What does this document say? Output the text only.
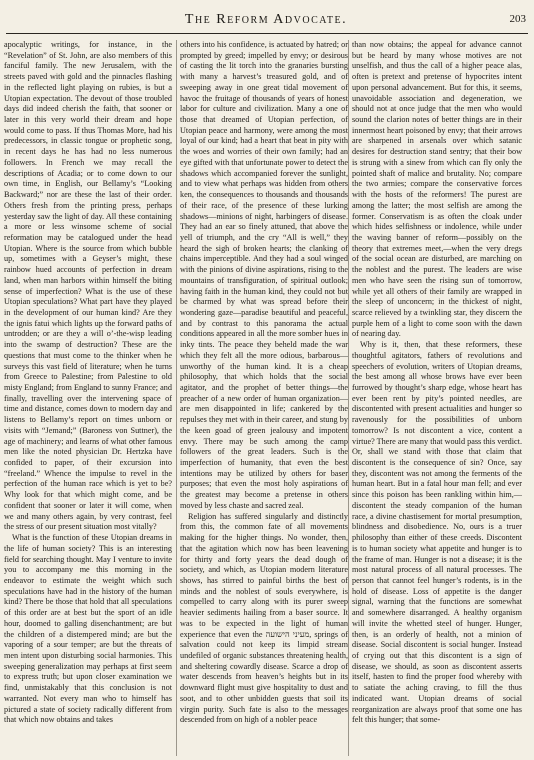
The Reform Advocate.	203

apocalyptic writings, for instance, in the “Revelation” of St. John, are also members of this fanciful family. The new Jerusalem, with the streets paved with gold and the pinnacles flashing in the reflected light playing on rubies, is but a Utopian expectation. The devout of those troubled days did indeed cherish the faith, that sooner or later in this very world their dream and hope would come to pass. If thus Thomas More, had his predecessors, in classic tongue or prophetic song, in recent days he has had no less numerous followers. In French we may recall the descriptions of Acadia; or to come down to our own time, in English, our Bellamy’s “Looking Backward;” nor are these the last of their order. Others fresh from the printing press, perhaps yesterday saw the light of day. All these containing a more or less winsome scheme of social reformation may be catalogued under the head Utopian. Where is the source from which bubble up, sometimes with a Geyser’s might, these rainbow hued accounts of perfection in dream land, when man harbors within himself the biting sense of imperfection? What is the use of these Utopian speculations? What part have they played in the development of our human kind? Are they the ignis fatui which lights up the forward paths of untrodden; or are they a will o’-the-wisp leading into the swamp of destruction? These are the questions that must come to the thinker when he surveys this vast field of literature; when he turns from Greece to Palestine; from Palestine to old misty England; from England to sunny France; and finally, travelling over the intervening space of time and distance, comes down to modern day and listens to Bellamy’s report on times unborn or visits with “Jemand;” (Baroness von Suttner), the age of machinery; and learns of what other famous men like the noted physician Dr. Hertzka have confided to paper, of their excursion into “freeland.” Whence the impulse to revel in the perfection of the human race which is yet to be? Why look for that which might come, and be confident that sooner or later it will come, when we and many others again, by very contrast, feel the stress of our present situation most vitally?

What is the function of these Utopian dreams in the life of human society? This is an interesting field for searching thought. May I venture to invite you to accompany me this morning in the endeavor to estimate the weight which such speculations have had in the history of the human kind? There be those that hold that all speculations of this order are at best but the sport of an idle hour, doomed to galling disenchantment; are but the children of a distempered mind; are but the vaporing of a sour temper; are but the threats of men intent upon disturbing social harmonies. This sweeping generalization may perhaps at first seem to express truth; but upon closer examination we find, unmistakably that this conclusion is not warranted. Not every man who to himself has pictured a state of society radically different from that which now obtains and takes

others into his confidence, is actuated by hatred; or prompted by greed; impelled by envy; or desirous of casting the lit torch into the granaries bursting with many a harvest’s treasured gold, and of sweeping away in one great tidal movement of havoc the fruitage of thousands of years of honest labor for culture and civilization. Many a one of those that dreamed of Utopian perfection, of Utopian peace and harmony, were among the most loyal of our kind; had a heart that beat in pity with the woes and worries of their own family; had an eye gifted with that unfortunate power to detect the shadows which accompanied forever the sunlight, and to view what perhaps was hidden from others ken, the consequences to thousands and thousands of their race, of the presence of these lurking shadows—minions of night, harbingers of disease. They had an ear so finely attuned, that above the yell of triumph, and the cry “All is well,” they heard the sigh of broken hearts; the clanking of chains imperceptible. And they had a soul winged with the pinions of divine aspirations, rising to the mountains of transfiguration, of spiritual outlook; having faith in the human kind, they could not but be charmed by what was spread before their wondering gaze—paradise beautiful and peaceful, and by contrast to this panorama the actual conditions appeared in all the more somber hues in inky tints. The peace they beheld made the war which they felt all the more odious, barbarous—unworthy of the human kind. It is a cheap philosophy, that which holds that the social agitator, and the prophet of better things—the preacher of a new order of human organization—are men disappointed in life; cankered by the repulses they met with in their career, and stung by the keen goad of green jealousy and impotent envy. There may be such among the camp followers of the great leaders. Such is the imperfection of humanity, that even the best intentions may be utilized by others for baser purposes; that even the most holy aspirations of the greatest may become a pretense in others moved by less chaste and sacred zeal.

Religion has suffered singularly and distinctly from this, the common fate of all movements making for the higher things. No wonder, then, that the agitation which now has been leavening for thirty and forty years the dead dough of society, and which, as Utopian modern literature shows, has stirred to painful births the best of minds and the noblest of souls everywhere, is compelled to carry along with its purer sweep heavier sediments hailing from a baser source. It was to be expected in the light of human experience that even the מעיני הישועה, springs of salvation could not keep its limpid stream undefiled of organic substances threatening health, and sheltering cowardly disease. Scarce a drop of water descends from heaven’s heights but in its downward flight must give hospitality to dust and soot, and to other unbidden guests that soil its virgin purity. Such fate is also to the messages descended from on high of a nobler peace

than now obtains; the appeal for advance cannot but be heard by many whose motives are not unselfish, and thus the call of a higher peace alas, often is pretext and pretense of hypocrites intent upon personal advancement. But for this, it seems, unavoidable association and degeneration, we should not at once judge that the men who would sound the clarion notes of better things are in their innermost heart poisoned by envy; that their arrows are sharpened in arsenals over which satanic desires for destruction stand sentry; that their bow is strung with a sinew from which can fly only the pointed shaft of malice and brutality. No; compare the two armies; compare the conservative forces with the hosts of the reformers! The purest are among the latter; the most selfish are among the former. Conservatism is as often the cloak under which hides selfishness or indolence, while under the waving banner of reform—possibly on the theory that extremes meet,—when the very dregs of the social ocean are disturbed, are marching on the noblest and the purest. The leaders are wise men who have seen the rising sun of tomorrow, while yet all others of their family are wrapped in the sleep of unconcern; in the thickest of night, scarce relieved by a twinkling star, they discern the purple hem of a light to come soon with the dawn of nearing day.

Why is it, then, that these reformers, these thoughtful agitators, fathers of revolutions and speechers of evolution, writers of Utopian dreams, the best among all whose brows have ever been furrowed by thought’s sharp edge, whose heart has ever been rent by pity’s pointed needles, are discontented with present actualities and hunger so ravenously for the possibilities of unborn tomorrow? Is not discontent a vice, content a virtue? There are many that would pass this verdict. Or, shall we stand with those that claim that discontent is the consequence of sin? Once, say they, discontent was not among the ferments of the human heart. But in a fatal hour man fell; and ever since this poison has been rankling within him,—discontent the steady companion of the human race, a divine chastisement for mortal presumption, blindness and disobedience. No, ours is a truer philosophy than either of these creeds. Discontent is to human society what appetite and hunger is to the frame of man. Hunger is not a disease; it is the most natural process of all natural processes. The person that cannot feel hunger’s rodents, is in the hold of disease. Loss of appetite is the danger signal, warning that the functions are somewhat and somewhere disarranged. A healthy organism will invite the whetted steel of hunger. Hunger, then, is an orderly of health, not a minion of disease. Social discontent is social hunger. Instead of crying out that this discontent is a sign of disease, we should, as soon as discontent asserts itself, hasten to find the proper food whereby with to satiate the aching craving, to fill the thus indicated want. Utopian dreams of social reorganization are always proof that some one has felt this hunger; that some-
